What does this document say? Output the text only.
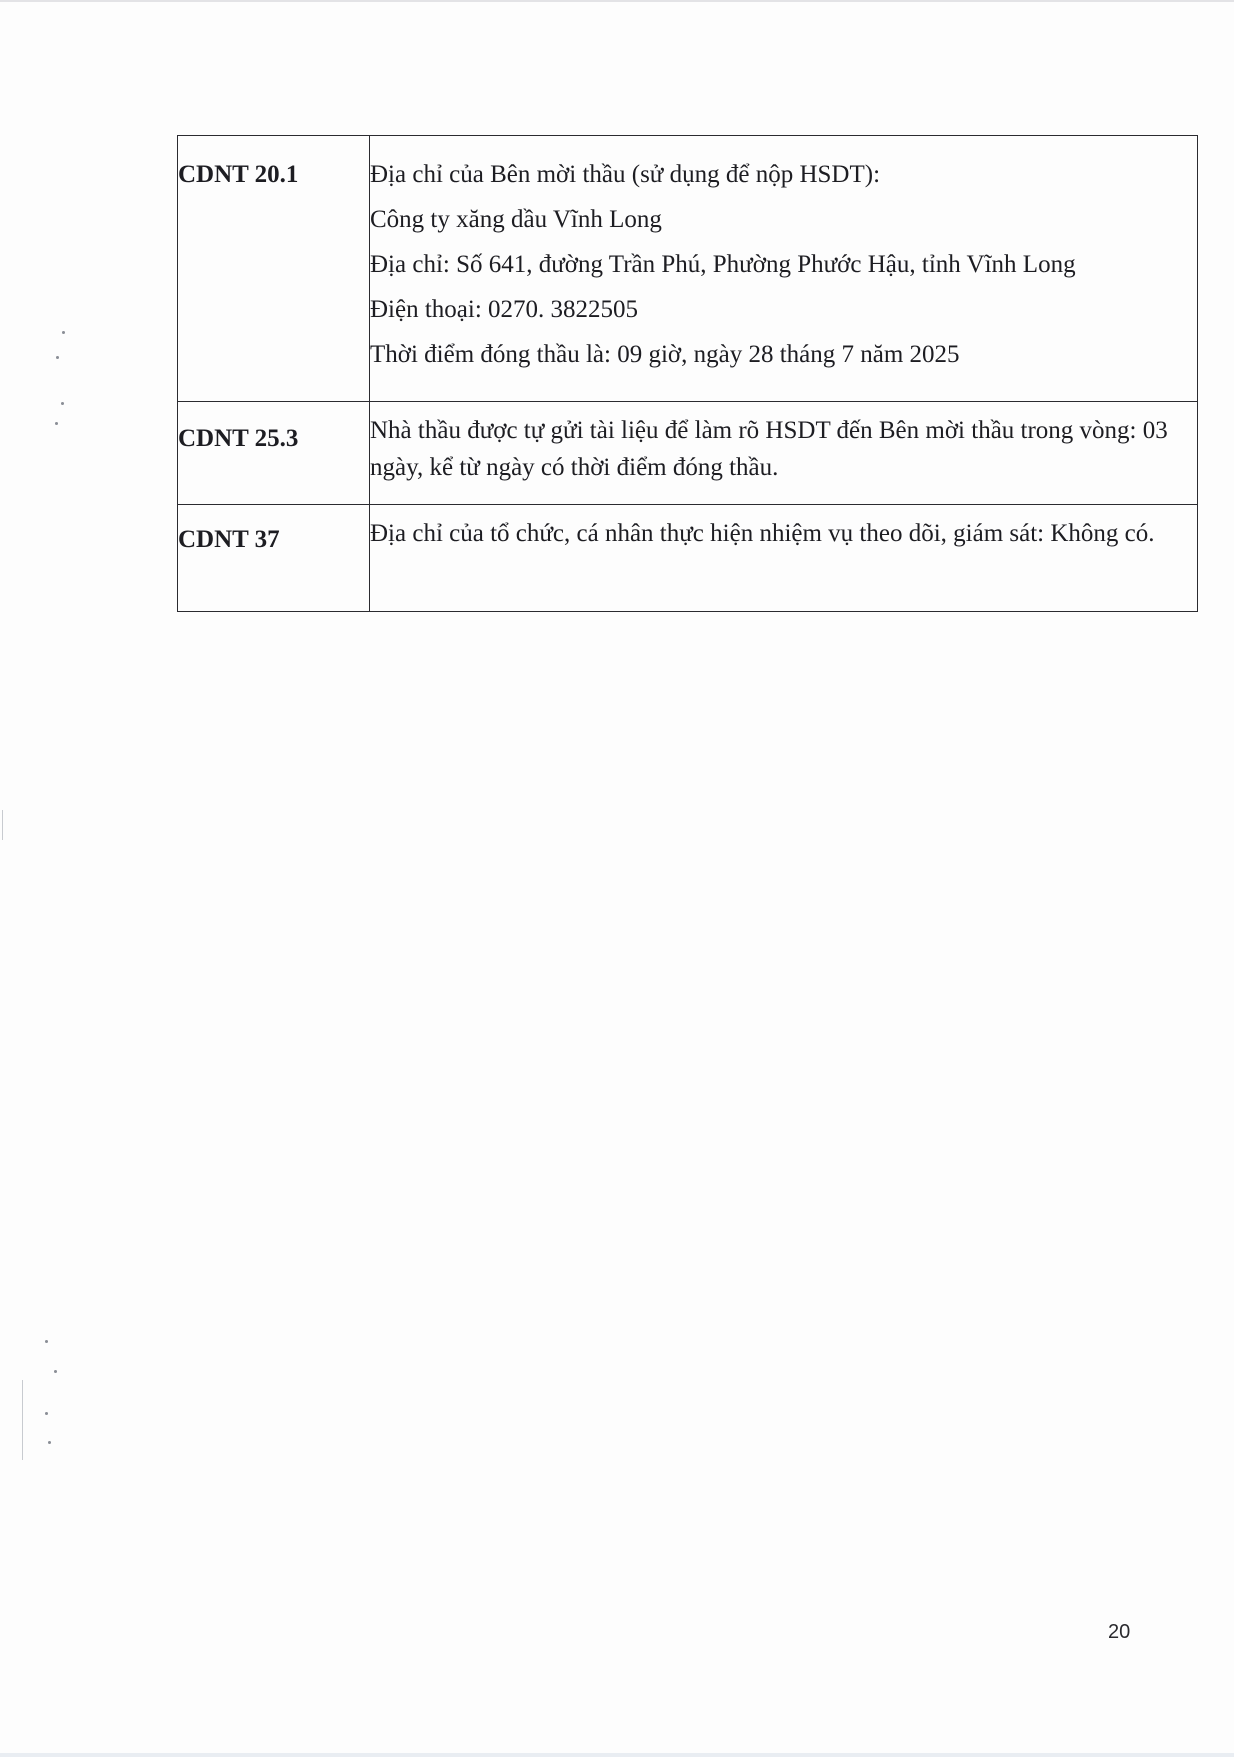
CDNT 20.1	Địa chỉ của Bên mời thầu (sử dụng để nộp HSDT):
Công ty xăng dầu Vĩnh Long
Địa chỉ: Số 641, đường Trần Phú, Phường Phước Hậu, tỉnh Vĩnh Long
Điện thoại: 0270. 3822505
Thời điểm đóng thầu là: 09 giờ, ngày 28 tháng 7 năm 2025

CDNT 25.3	Nhà thầu được tự gửi tài liệu để làm rõ HSDT đến Bên mời thầu trong vòng: 03 ngày, kể từ ngày có thời điểm đóng thầu.
CDNT 37	Địa chỉ của tổ chức, cá nhân thực hiện nhiệm vụ theo dõi, giám sát: Không có.
20
